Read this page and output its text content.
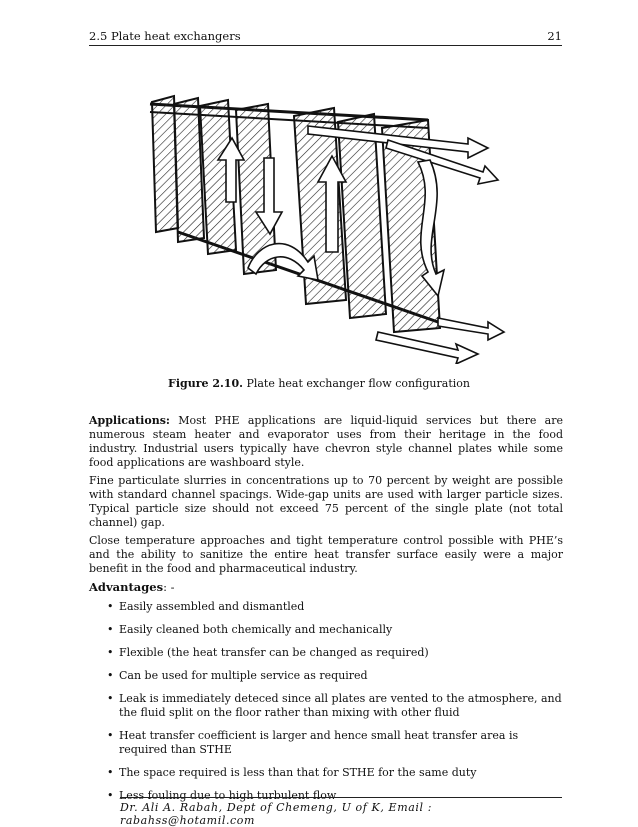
2.5 Plate heat exchangers	21
Figure 2.10. Plate heat exchanger flow configuration

Applications: Most PHE applications are liquid-liquid services but there are numerous steam heater and evaporator uses from their heritage in the food industry. Industrial users typically have chevron style channel plates while some food applications are washboard style.

Fine particulate slurries in concentrations up to 70 percent by weight are possible with standard channel spacings. Wide-gap units are used with larger particle sizes. Typical particle size should not exceed 75 percent of the single plate (not total channel) gap.

Close temperature approaches and tight temperature control possible with PHE’s and the ability to sanitize the entire heat transfer surface easily were a major benefit in the food and pharmaceutical industry.

Advantages: -
• Easily assembled and dismantled
• Easily cleaned both chemically and mechanically
• Flexible (the heat transfer can be changed as required)
• Can be used for multiple service as required
• Leak is immediately deteced since all plates are vented to the atmosphere, and the fluid split on the floor rather than mixing with other fluid
• Heat transfer coefficient is larger and hence small heat transfer area is required than STHE
• The space required is less than that for STHE for the same duty
• Less fouling due to high turbulent flow
Dr. Ali A. Rabah, Dept of Chemeng, U of K, Email : rabahss@hotamil.com
